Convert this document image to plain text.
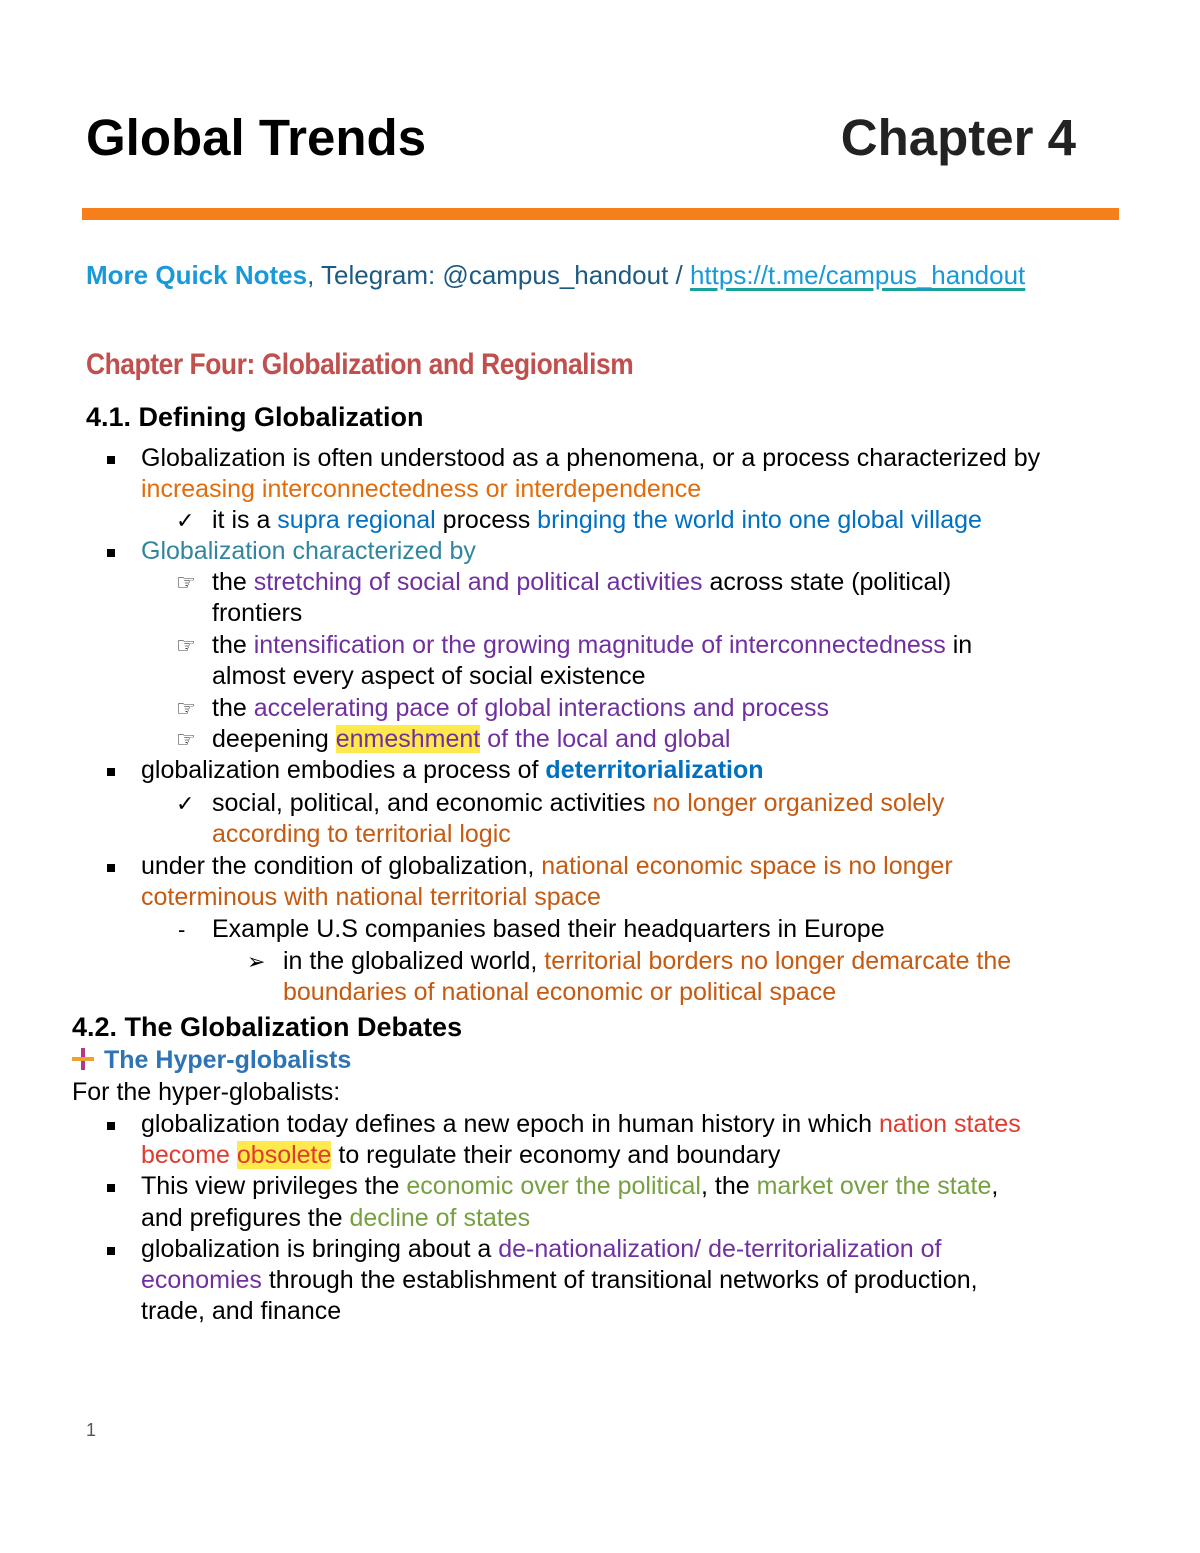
Global Trends	Chapter 4
More Quick Notes, Telegram: @campus_handout / https://t.me/campus_handout
Chapter Four: Globalization and Regionalism
4.1. Defining Globalization
Globalization is often understood as a phenomena, or a process characterized by
increasing interconnectedness or interdependence
✓ it is a supra regional process bringing the world into one global village
Globalization characterized by
☞ the stretching of social and political activities across state (political)
frontiers
☞ the intensification or the growing magnitude of interconnectedness in
almost every aspect of social existence
☞ the accelerating pace of global interactions and process
☞ deepening enmeshment of the local and global
globalization embodies a process of deterritorialization
✓ social, political, and economic activities no longer organized solely
according to territorial logic
under the condition of globalization, national economic space is no longer
coterminous with national territorial space
- Example U.S companies based their headquarters in Europe
➢ in the globalized world, territorial borders no longer demarcate the
boundaries of national economic or political space
4.2. The Globalization Debates
The Hyper-globalists
For the hyper-globalists:
globalization today defines a new epoch in human history in which nation states
become obsolete to regulate their economy and boundary
This view privileges the economic over the political, the market over the state,
and prefigures the decline of states
globalization is bringing about a de-nationalization/ de-territorialization of
economies through the establishment of transitional networks of production,
trade, and finance
1
